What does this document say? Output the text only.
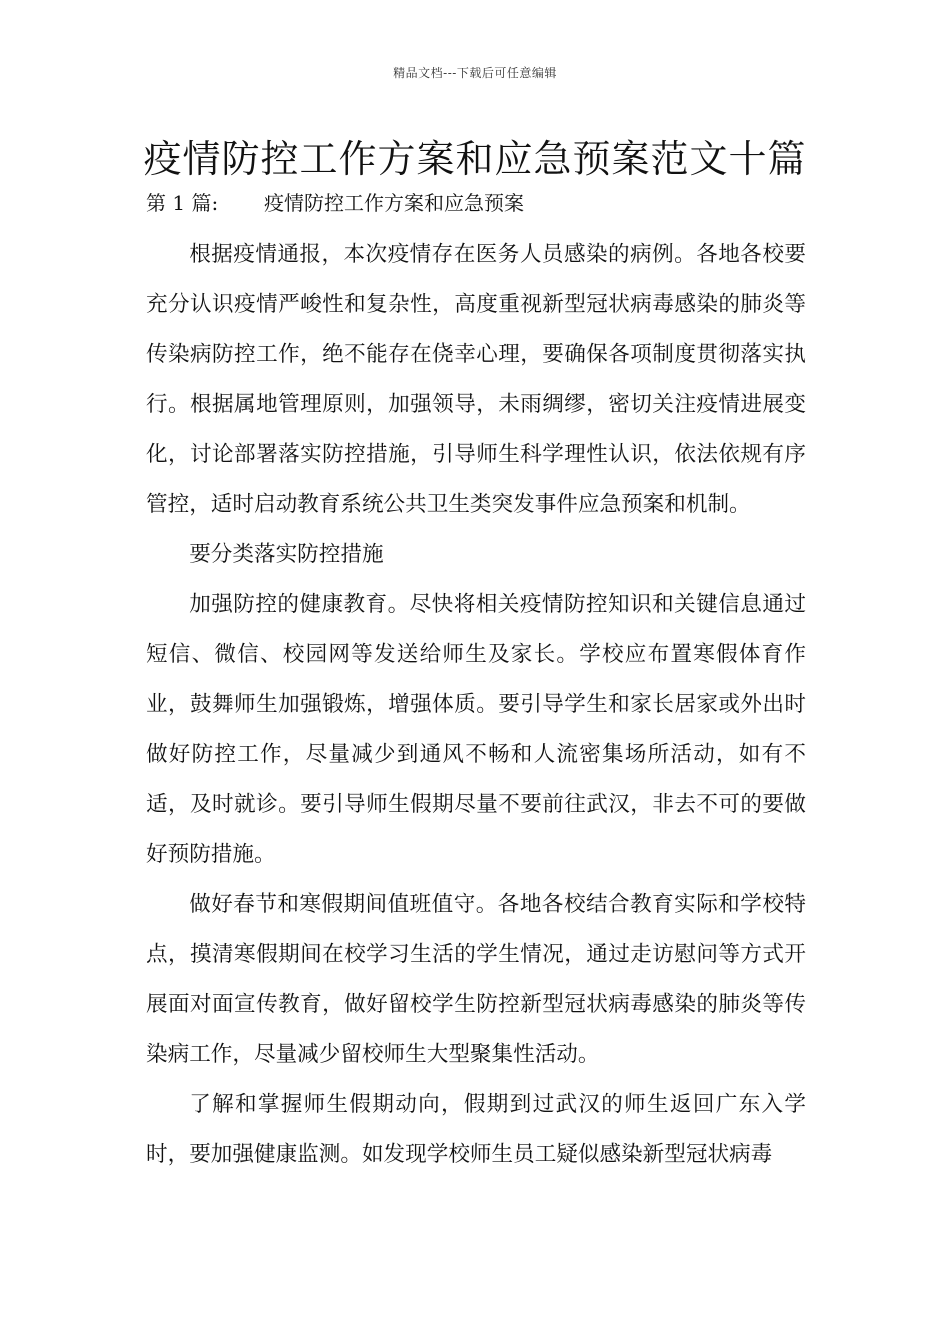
精品文档---下载后可任意编辑
疫情防控工作方案和应急预案范文十篇
第 1 篇: 疫情防控工作方案和应急预案

根据疫情通报，本次疫情存在医务人员感染的病例。各地各校要充分认识疫情严峻性和复杂性，高度重视新型冠状病毒感染的肺炎等传染病防控工作，绝不能存在侥幸心理，要确保各项制度贯彻落实执行。根据属地管理原则，加强领导，未雨绸缪，密切关注疫情进展变化，讨论部署落实防控措施，引导师生科学理性认识，依法依规有序管控，适时启动教育系统公共卫生类突发事件应急预案和机制。

要分类落实防控措施

加强防控的健康教育。尽快将相关疫情防控知识和关键信息通过短信、微信、校园网等发送给师生及家长。学校应布置寒假体育作业，鼓舞师生加强锻炼，增强体质。要引导学生和家长居家或外出时做好防控工作，尽量减少到通风不畅和人流密集场所活动，如有不适，及时就诊。要引导师生假期尽量不要前往武汉，非去不可的要做好预防措施。

做好春节和寒假期间值班值守。各地各校结合教育实际和学校特点，摸清寒假期间在校学习生活的学生情况，通过走访慰问等方式开展面对面宣传教育，做好留校学生防控新型冠状病毒感染的肺炎等传染病工作，尽量减少留校师生大型聚集性活动。

了解和掌握师生假期动向，假期到过武汉的师生返回广东入学时，要加强健康监测。如发现学校师生员工疑似感染新型冠状病毒
